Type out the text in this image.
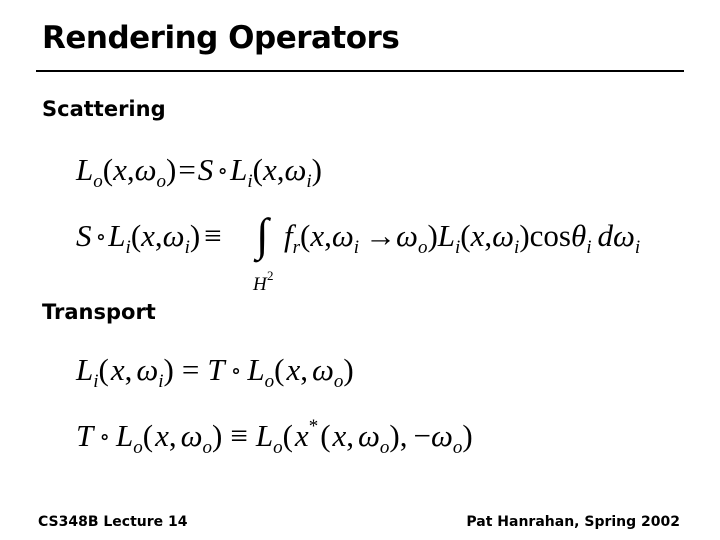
Rendering Operators
Scattering
$L_o(x,\omega_o)=S$ $\circ L_i(x,\omega_i)$
S $\circ L_i(x,\omega_i)$ ≡ ∫
H 2
$f_r(x,\omega_i \to\omega_o)L_i(x,\omega_i)\cos\theta_i$ $d\omega_i$
Transport
$L_i(x$, $\omega_i) = T$ ∘ $L_o(x$, $\omega_o$)
T ∘ $L_o(x$, $\omega_o) \equiv L_o(x^*(x$, $\omega_o$), $-\omega_o$)
CS348B Lecture 14	Pat Hanrahan, Spring 2002
